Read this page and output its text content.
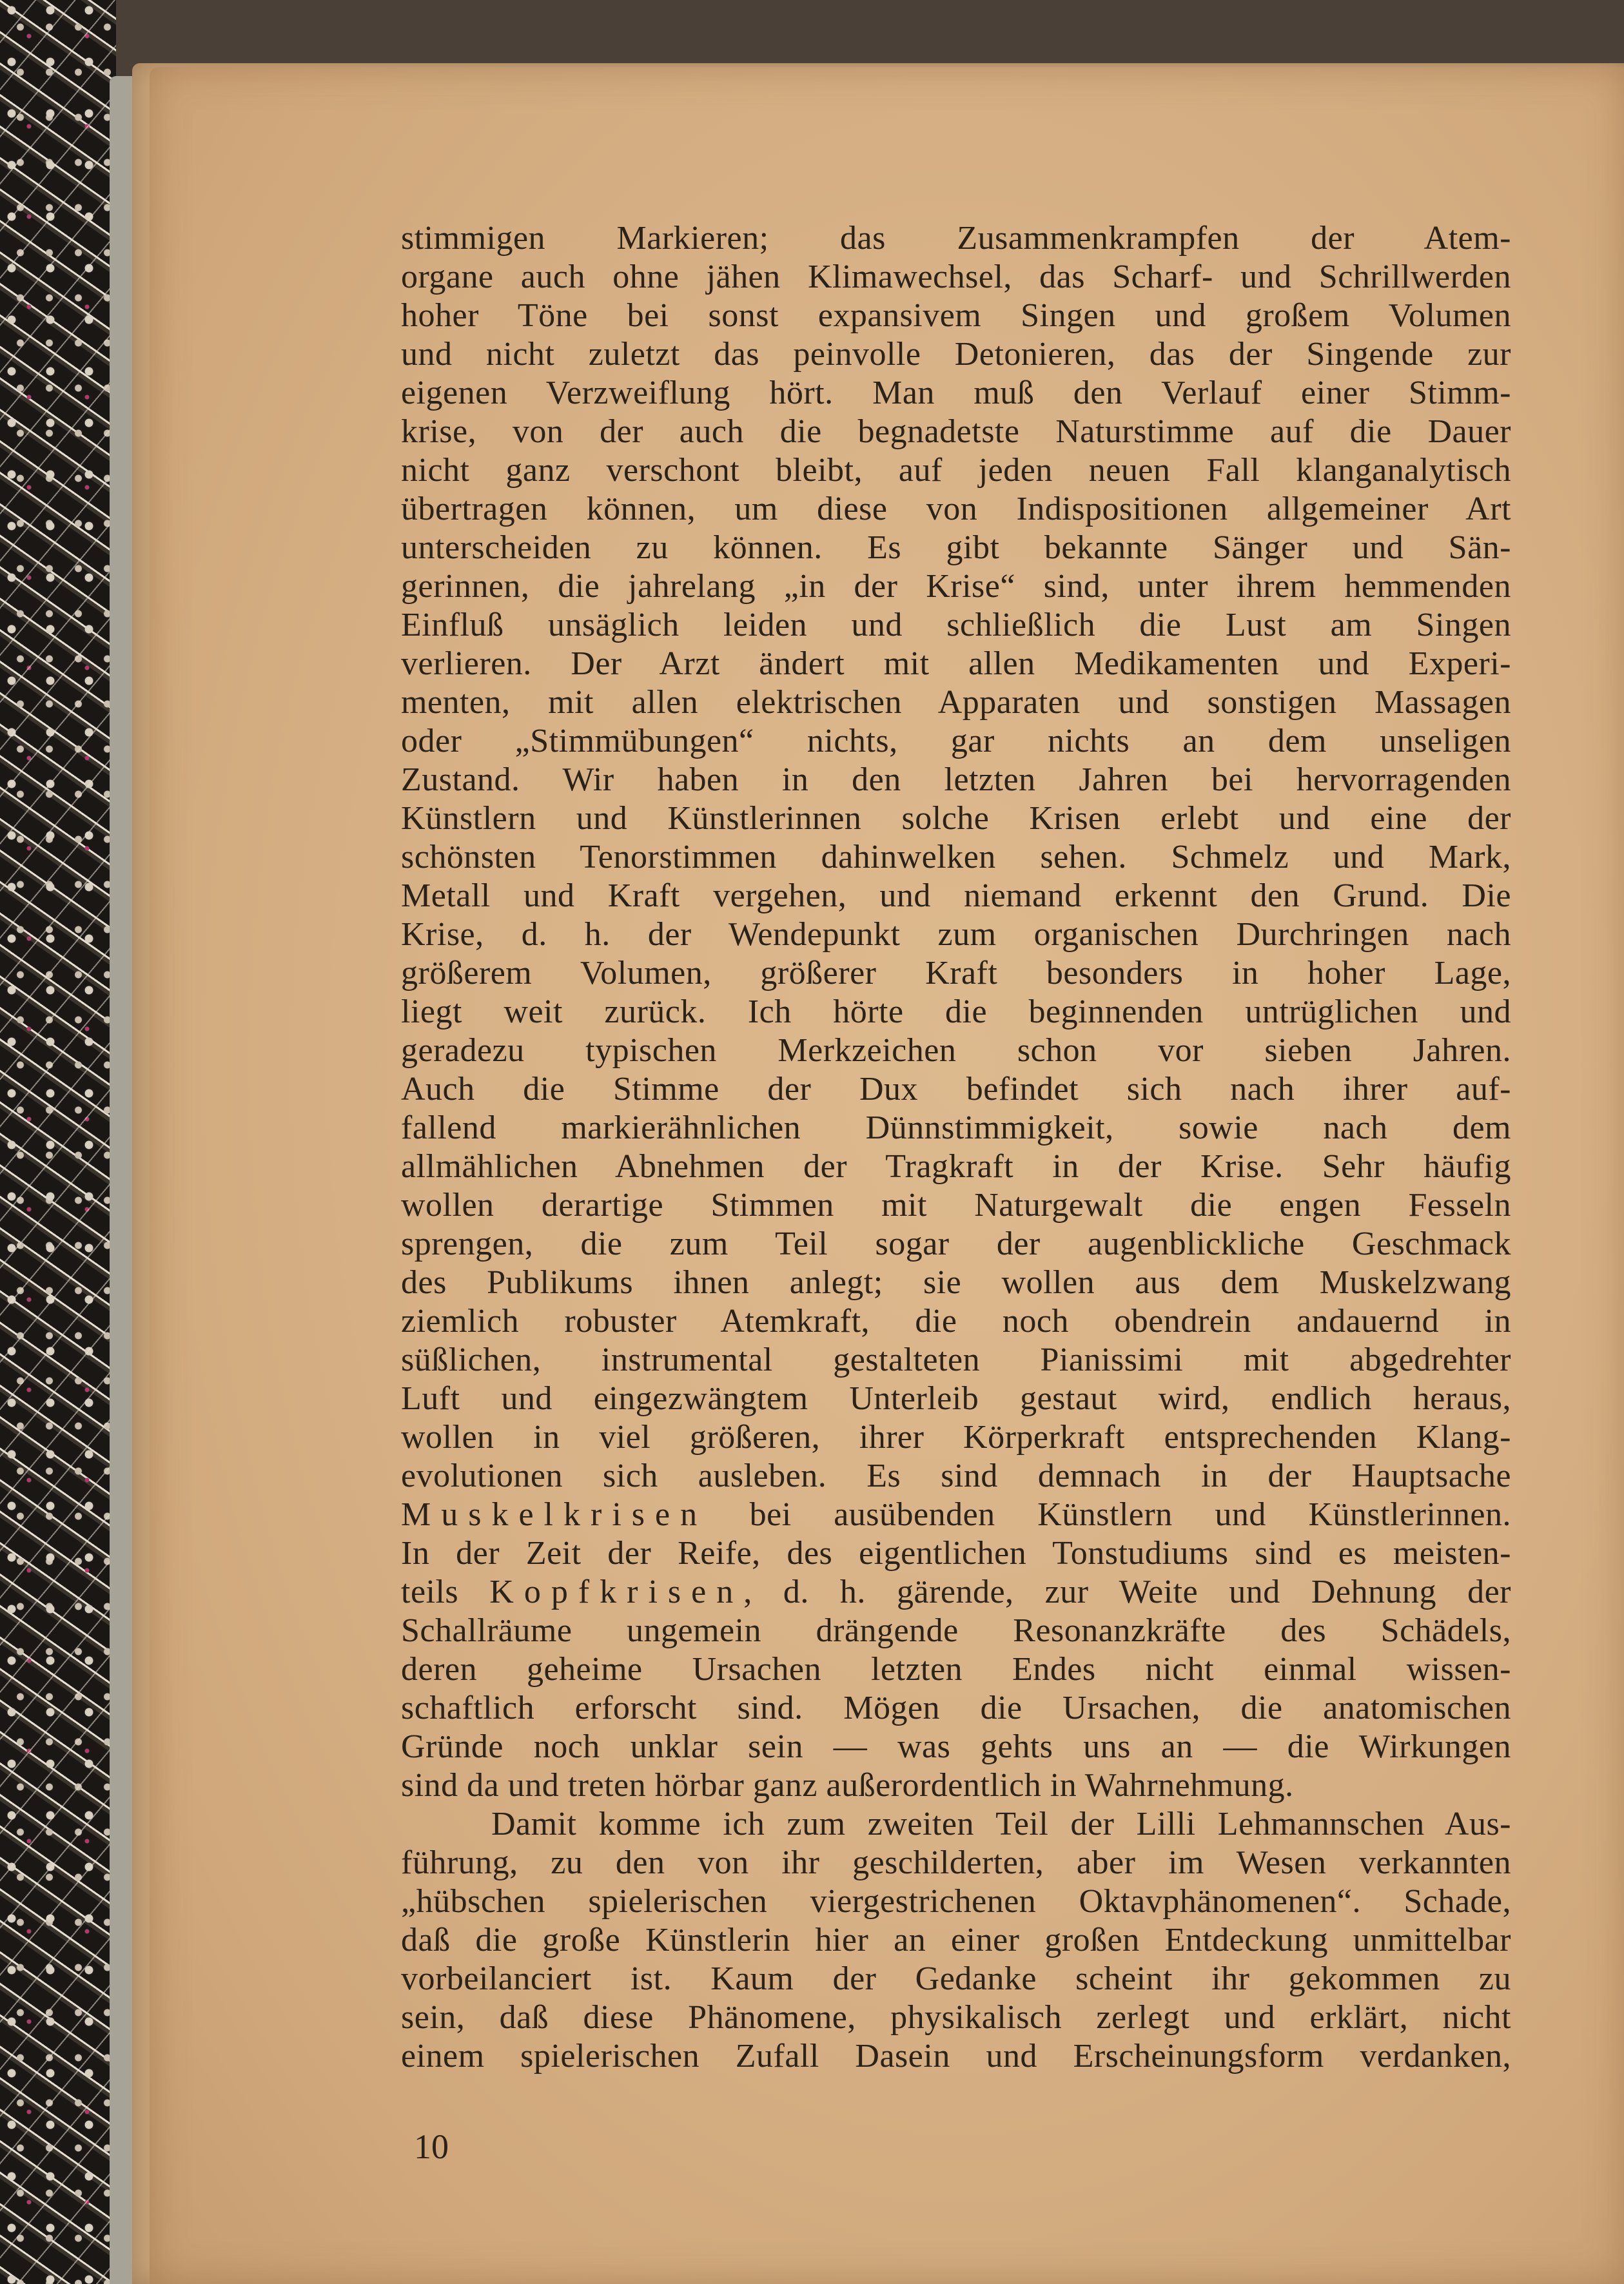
stimmigen Markieren; das Zusammenkrampfen der Atem-
organe auch ohne jähen Klimawechsel, das Scharf- und Schrillwerden
hoher Töne bei sonst expansivem Singen und großem Volumen
und nicht zuletzt das peinvolle Detonieren, das der Singende zur
eigenen Verzweiflung hört. Man muß den Verlauf einer Stimm-
krise, von der auch die begnadetste Naturstimme auf die Dauer
nicht ganz verschont bleibt, auf jeden neuen Fall klanganalytisch
übertragen können, um diese von Indispositionen allgemeiner Art
unterscheiden zu können. Es gibt bekannte Sänger und Sän-
gerinnen, die jahrelang „in der Krise“ sind, unter ihrem hemmenden
Einfluß unsäglich leiden und schließlich die Lust am Singen
verlieren. Der Arzt ändert mit allen Medikamenten und Experi-
menten, mit allen elektrischen Apparaten und sonstigen Massagen
oder „Stimmübungen“ nichts, gar nichts an dem unseligen
Zustand. Wir haben in den letzten Jahren bei hervorragenden
Künstlern und Künstlerinnen solche Krisen erlebt und eine der
schönsten Tenorstimmen dahinwelken sehen. Schmelz und Mark,
Metall und Kraft vergehen, und niemand erkennt den Grund. Die
Krise, d. h. der Wendepunkt zum organischen Durchringen nach
größerem Volumen, größerer Kraft besonders in hoher Lage,
liegt weit zurück. Ich hörte die beginnenden untrüglichen und
geradezu typischen Merkzeichen schon vor sieben Jahren.
Auch die Stimme der Dux befindet sich nach ihrer auf-
fallend markierähnlichen Dünnstimmigkeit, sowie nach dem
allmählichen Abnehmen der Tragkraft in der Krise. Sehr häufig
wollen derartige Stimmen mit Naturgewalt die engen Fesseln
sprengen, die zum Teil sogar der augenblickliche Geschmack
des Publikums ihnen anlegt; sie wollen aus dem Muskelzwang
ziemlich robuster Atemkraft, die noch obendrein andauernd in
süßlichen, instrumental gestalteten Pianissimi mit abgedrehter
Luft und eingezwängtem Unterleib gestaut wird, endlich heraus,
wollen in viel größeren, ihrer Körperkraft entsprechenden Klang-
evolutionen sich ausleben. Es sind demnach in der Hauptsache
Muskelkrisen bei ausübenden Künstlern und Künstlerinnen.
In der Zeit der Reife, des eigentlichen Tonstudiums sind es meisten-
teils Kopfkrisen, d. h. gärende, zur Weite und Dehnung der
Schallräume ungemein drängende Resonanzkräfte des Schädels,
deren geheime Ursachen letzten Endes nicht einmal wissen-
schaftlich erforscht sind. Mögen die Ursachen, die anatomischen
Gründe noch unklar sein — was gehts uns an — die Wirkungen
sind da und treten hörbar ganz außerordentlich in Wahrnehmung.
Damit komme ich zum zweiten Teil der Lilli Lehmannschen Aus-
führung, zu den von ihr geschilderten, aber im Wesen verkannten
„hübschen spielerischen viergestrichenen Oktavphänomenen“. Schade,
daß die große Künstlerin hier an einer großen Entdeckung unmittelbar
vorbeilanciert ist. Kaum der Gedanke scheint ihr gekommen zu
sein, daß diese Phänomene, physikalisch zerlegt und erklärt, nicht
einem spielerischen Zufall Dasein und Erscheinungsform verdanken,
10
